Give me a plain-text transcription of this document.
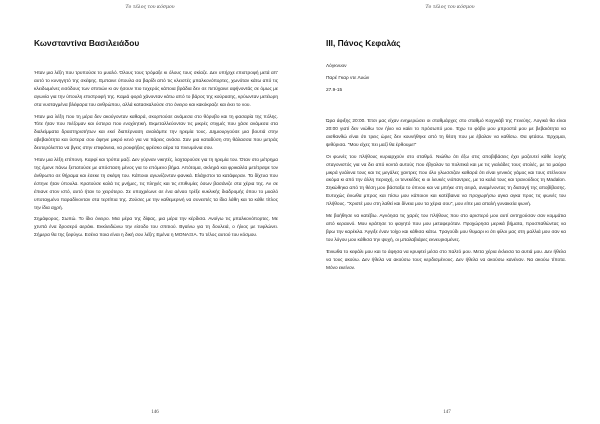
Το τέλος του κόσμου
Κωνσταντίνα Βασιλειάδου

Ήταν μια λέξη που τρυπούσε το μυαλό. Όλους τους τρόμαξε κι όλους τους σκίαζε. Δεν υπήρχε επιστροφή μετά απ' αυτό το κυνηγητό της σκέψης. Εμπαινε ύπουλα σα βαρίδι από τις κλειστές μπαλκονόπορτες, χωνόταν κάτω από τις κλειδωμένες εισόδους των σπιτιών κι αν ήσουν πιο τυχερός κάποια βράδια δεν σε πετύχαινε αφήνοντάς σε όμως με αγωνία για την ύπουλη επιστροφή της. Καμιά φορά χάνονταν κάτω από το βάρος της κούρασης, κρύωνταν μετέωρη στα νυσταγμένα βλέφαρα του ανθρώπου, αλλά κατασκαλούσε στο όνειρο και κακόκραζε και έκει το νου.

Ήταν μια λέξη που τη μέρα δεν ακούγονταν καθαρά, σκορπούσε ανάμεσα στο θόρυβο και τη φασαρία της πόλης. Τότε ήταν που πιέζομαν και ύστερα που ενοχλητική. Εκμεταλλεύονταν τις μικρές στιγμές που χάσε ανάμεσα στα διαλείμματα δραστηριοτήτων και εκεί διαπέρναση αναλάμπε την ηρεμία τους. Δημιουργούσε μια βουτιά στην αβεβαιότητα και ύστερα σου άφηνε μικρό κενό για να πάρεις ανάσα. Σαν μια καταδύση στη θάλασσα που μετράς δευτερόλεπτα να βγεις στην επιφάνεια, να ρουφήξεις φρέσκο αέρα τα πνευμόνια σου.

Ήταν μια λέξη επίπονη. Καρφί και τρύπα μαζί. Δεν γύρναν νικητές, λαχταρούσε για τη ηρεμία του. Όταν στο μέτρημα της έμενε πάνω ξεπατούσε με απόσταση μένος για το επόμενο βήμα. Απότομα, σκληρά και φρικαλέα μετέτρεψε τον άνθρωπο σε θήραμα και έσεκε τη σκέψη του. Κάποιοι αγωνίζονταν φανικά. Ελάχιστοι τα κατάφεραν. Τα δίχτυα που έστηνε ήταν ύπουλα. Κρατούσε καλά τις μνήμες, τις πληγές και τις επιθυμίες όσων βασάνιζε στα χέρια της. Αν σε έπιανε στον ιστό, αυτό ήταν το χειρότερο. Σε υποχρέωνε σε ένα αέναο τρέξε κυκλικής διαδρομής όπου το μυαλό υποταγμένο παραδίνονταν στα τερτίπια της. Ζούσες με την καθεμερινή να συνειπές τα ίδια λάθη και τα κάθε τίτλος την ίδια αχρή.

Σημάφορος. Σωπώ. Το ίδιο όνειρο. Μια μέρα της δίψας, μια μέρα την κέρδισα. Ανοίγω τις μπαλκονόπορτες. Με χτυπά ένα δροσερό αεράκι. Εκκλειδώνω την είσοδο του σπιτιού. Βγαίνω για τη δουλειά, ο ήλιος με τυφλώνει. Σήμερα θα της ξεφύγω. Εσένα ποια είναι η δική σου λέξη; Εμένα η ΜΟΝΑΞΙΑ. Το τέλος αυτού του κόσμου.

146
Το τέλος του κόσμου
ΙΙΙ, Πάνος Κεφαλάς

Λόγκνυον

Παρέ Γκαρ ντε Λυών

27.9-15

Ώρα άφιξης 20:00. Έτσι μας είχαν ενημερώσει οι σταθμάρχες στο σταθμό Κοχγκάβ της Γενεύης. Λογικά θα είναι 20:00 γιατί δεν νιώθω τον ήλιο να καίει το πρόσωπό μου. Έχω το φόβο μου μπροστά μου με βεβαιότητα να αισθανθώ είναι ότι τρεις ώρες δεν κουνήθηκε από τη θέση που με έβαλαν να καθίσω. Θα φτάσω. Έρχομαι, ψιθύρισα. "Μου είχες πει μαζί θα έρθουμε!"

Οι φωνές του πλήθους κυριαρχούν στο σταθμό. Νιώθω ότι έξω στις αποβιβάσεις έχει μαζευτεί κάθε λογής σταγονιστός για να δει από κοντά αυτούς που έβγαλαν τα πολιτικά και με τις γιαλάδες τους στολές, με τα μαύρα μικρά γυάλινα τους και τις μεγάλες χαντρες που όλο γλωσσιζαν καθαρά ότι είναι γενικός γάμος και τους στέλνουν ακόμα κι από την άλλη περιοχή, οι τενεκέδες κι οι λευκές νιόπαντρες, με τα καλά τους και τρανούδιος τη Madalon. Σηκώθηκα από τη θέση μου βάσταξα το ύπνου και να μπήκε στη σειρά, αναμένοντας τη διαταγή της αποβίβασης. Ευτυχώς ένιωθα μπρος και πίσω μου κάποιον και κατέβαινα να προχωρήσω αγκα αγκα προς τις φωνές του πλήθους. "Χριστέ μου στη λαθεί και δίνεια μου τα χέρια σου", μου είπε μια απαλή γυναικεία φωνή.

Με βοήθησε να κατέβω. Αγνόησα τις χαρές του πλήθους που στο αριστερό μου αυτί αντηχούσαν σαν κομμάτια από κεραυνό. Μου κράτησε το φαγητό που μου μεταφερόταν. Προχώρησα μερικά βήματα, προσπαθώντας να βρω την καρέκλα. Άγγιξε έναν τοίχο και κάθισα κάτω. Τραγούδι μου θυμαρι κι ότι φίλοι μας στη μαλλιά μου σαν κα του λόγου μου κάθισα την ψυχή, οι μπαλαβιάρες εκνευρισμένες.

Ένιωθα το κεφάλι μου και το άφησα να κρυφτεί μέσα στο παλτό μου. Μετα χέρια έκλεισα τα αυτιά μου. Δεν ήθελα να τους ακούω. Δεν ήθελα να ακούσω τους κερδισμένους. Δεν ήθελα να ακούσω κανέναν. Να ακούω τίποτα. Μόνο εκείνον.

147
